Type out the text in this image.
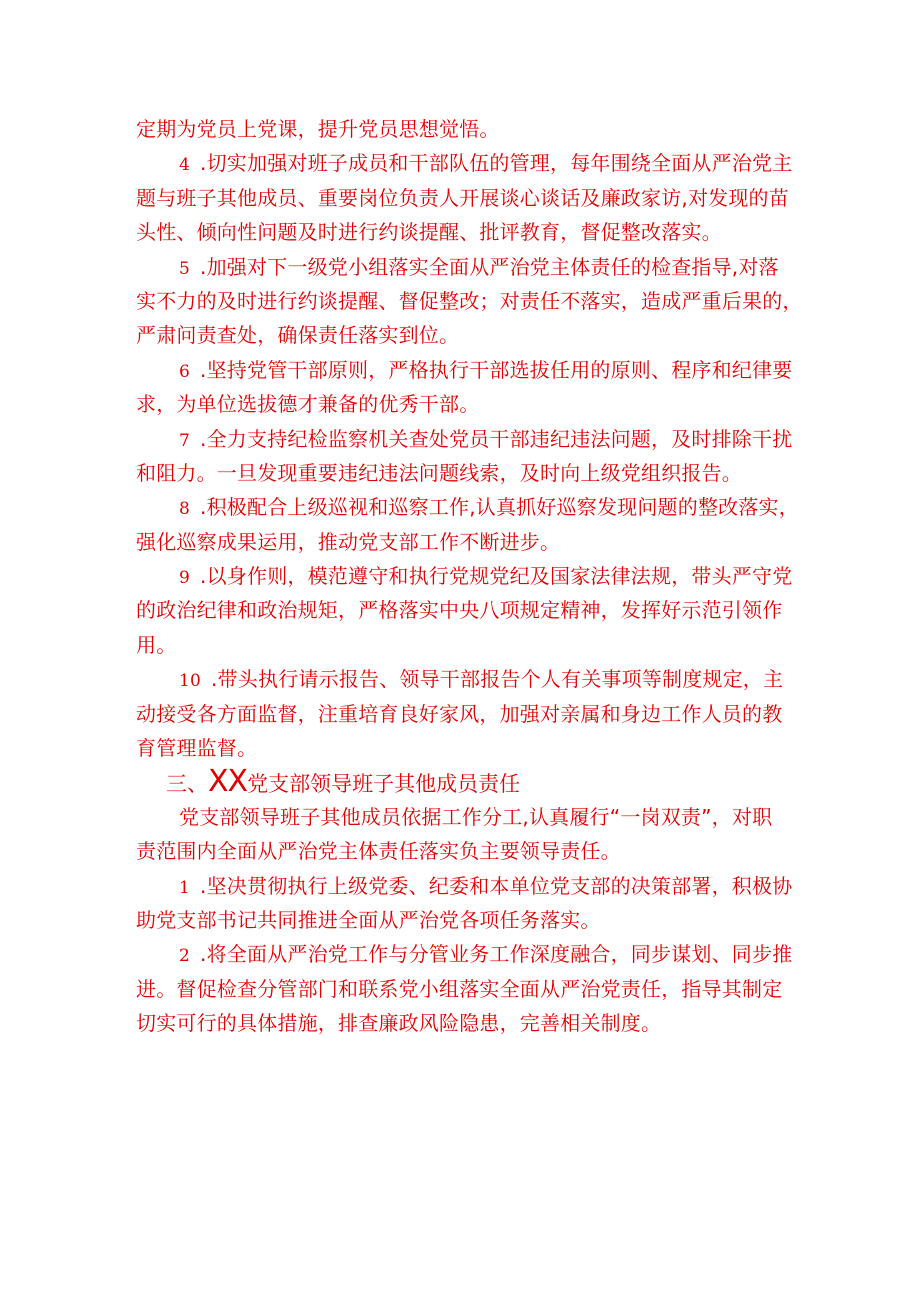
定期为党员上党课，提升党员思想觉悟。
4 .切实加强对班子成员和干部队伍的管理，每年围绕全面从严治党主
题与班子其他成员、重要岗位负责人开展谈心谈话及廉政家访,对发现的苗
头性、倾向性问题及时进行约谈提醒、批评教育，督促整改落实。
5 .加强对下一级党小组落实全面从严治党主体责任的检查指导,对落
实不力的及时进行约谈提醒、督促整改；对责任不落实，造成严重后果的，
严肃问责查处，确保责任落实到位。
6 .坚持党管干部原则，严格执行干部选拔任用的原则、程序和纪律要
求，为单位选拔德才兼备的优秀干部。
7 .全力支持纪检监察机关查处党员干部违纪违法问题，及时排除干扰
和阻力。一旦发现重要违纪违法问题线索，及时向上级党组织报告。
8 .积极配合上级巡视和巡察工作,认真抓好巡察发现问题的整改落实，
强化巡察成果运用，推动党支部工作不断进步。
9 .以身作则，模范遵守和执行党规党纪及国家法律法规，带头严守党
的政治纪律和政治规矩，严格落实中央八项规定精神，发挥好示范引领作
用。
10 .带头执行请示报告、领导干部报告个人有关事项等制度规定，主
动接受各方面监督，注重培育良好家风，加强对亲属和身边工作人员的教
育管理监督。
三、XX党支部领导班子其他成员责任
党支部领导班子其他成员依据工作分工,认真履行“一岗双责”，对职
责范围内全面从严治党主体责任落实负主要领导责任。
1 .坚决贯彻执行上级党委、纪委和本单位党支部的决策部署，积极协
助党支部书记共同推进全面从严治党各项任务落实。
2 .将全面从严治党工作与分管业务工作深度融合，同步谋划、同步推
进。督促检查分管部门和联系党小组落实全面从严治党责任，指导其制定
切实可行的具体措施，排查廉政风险隐患，完善相关制度。
